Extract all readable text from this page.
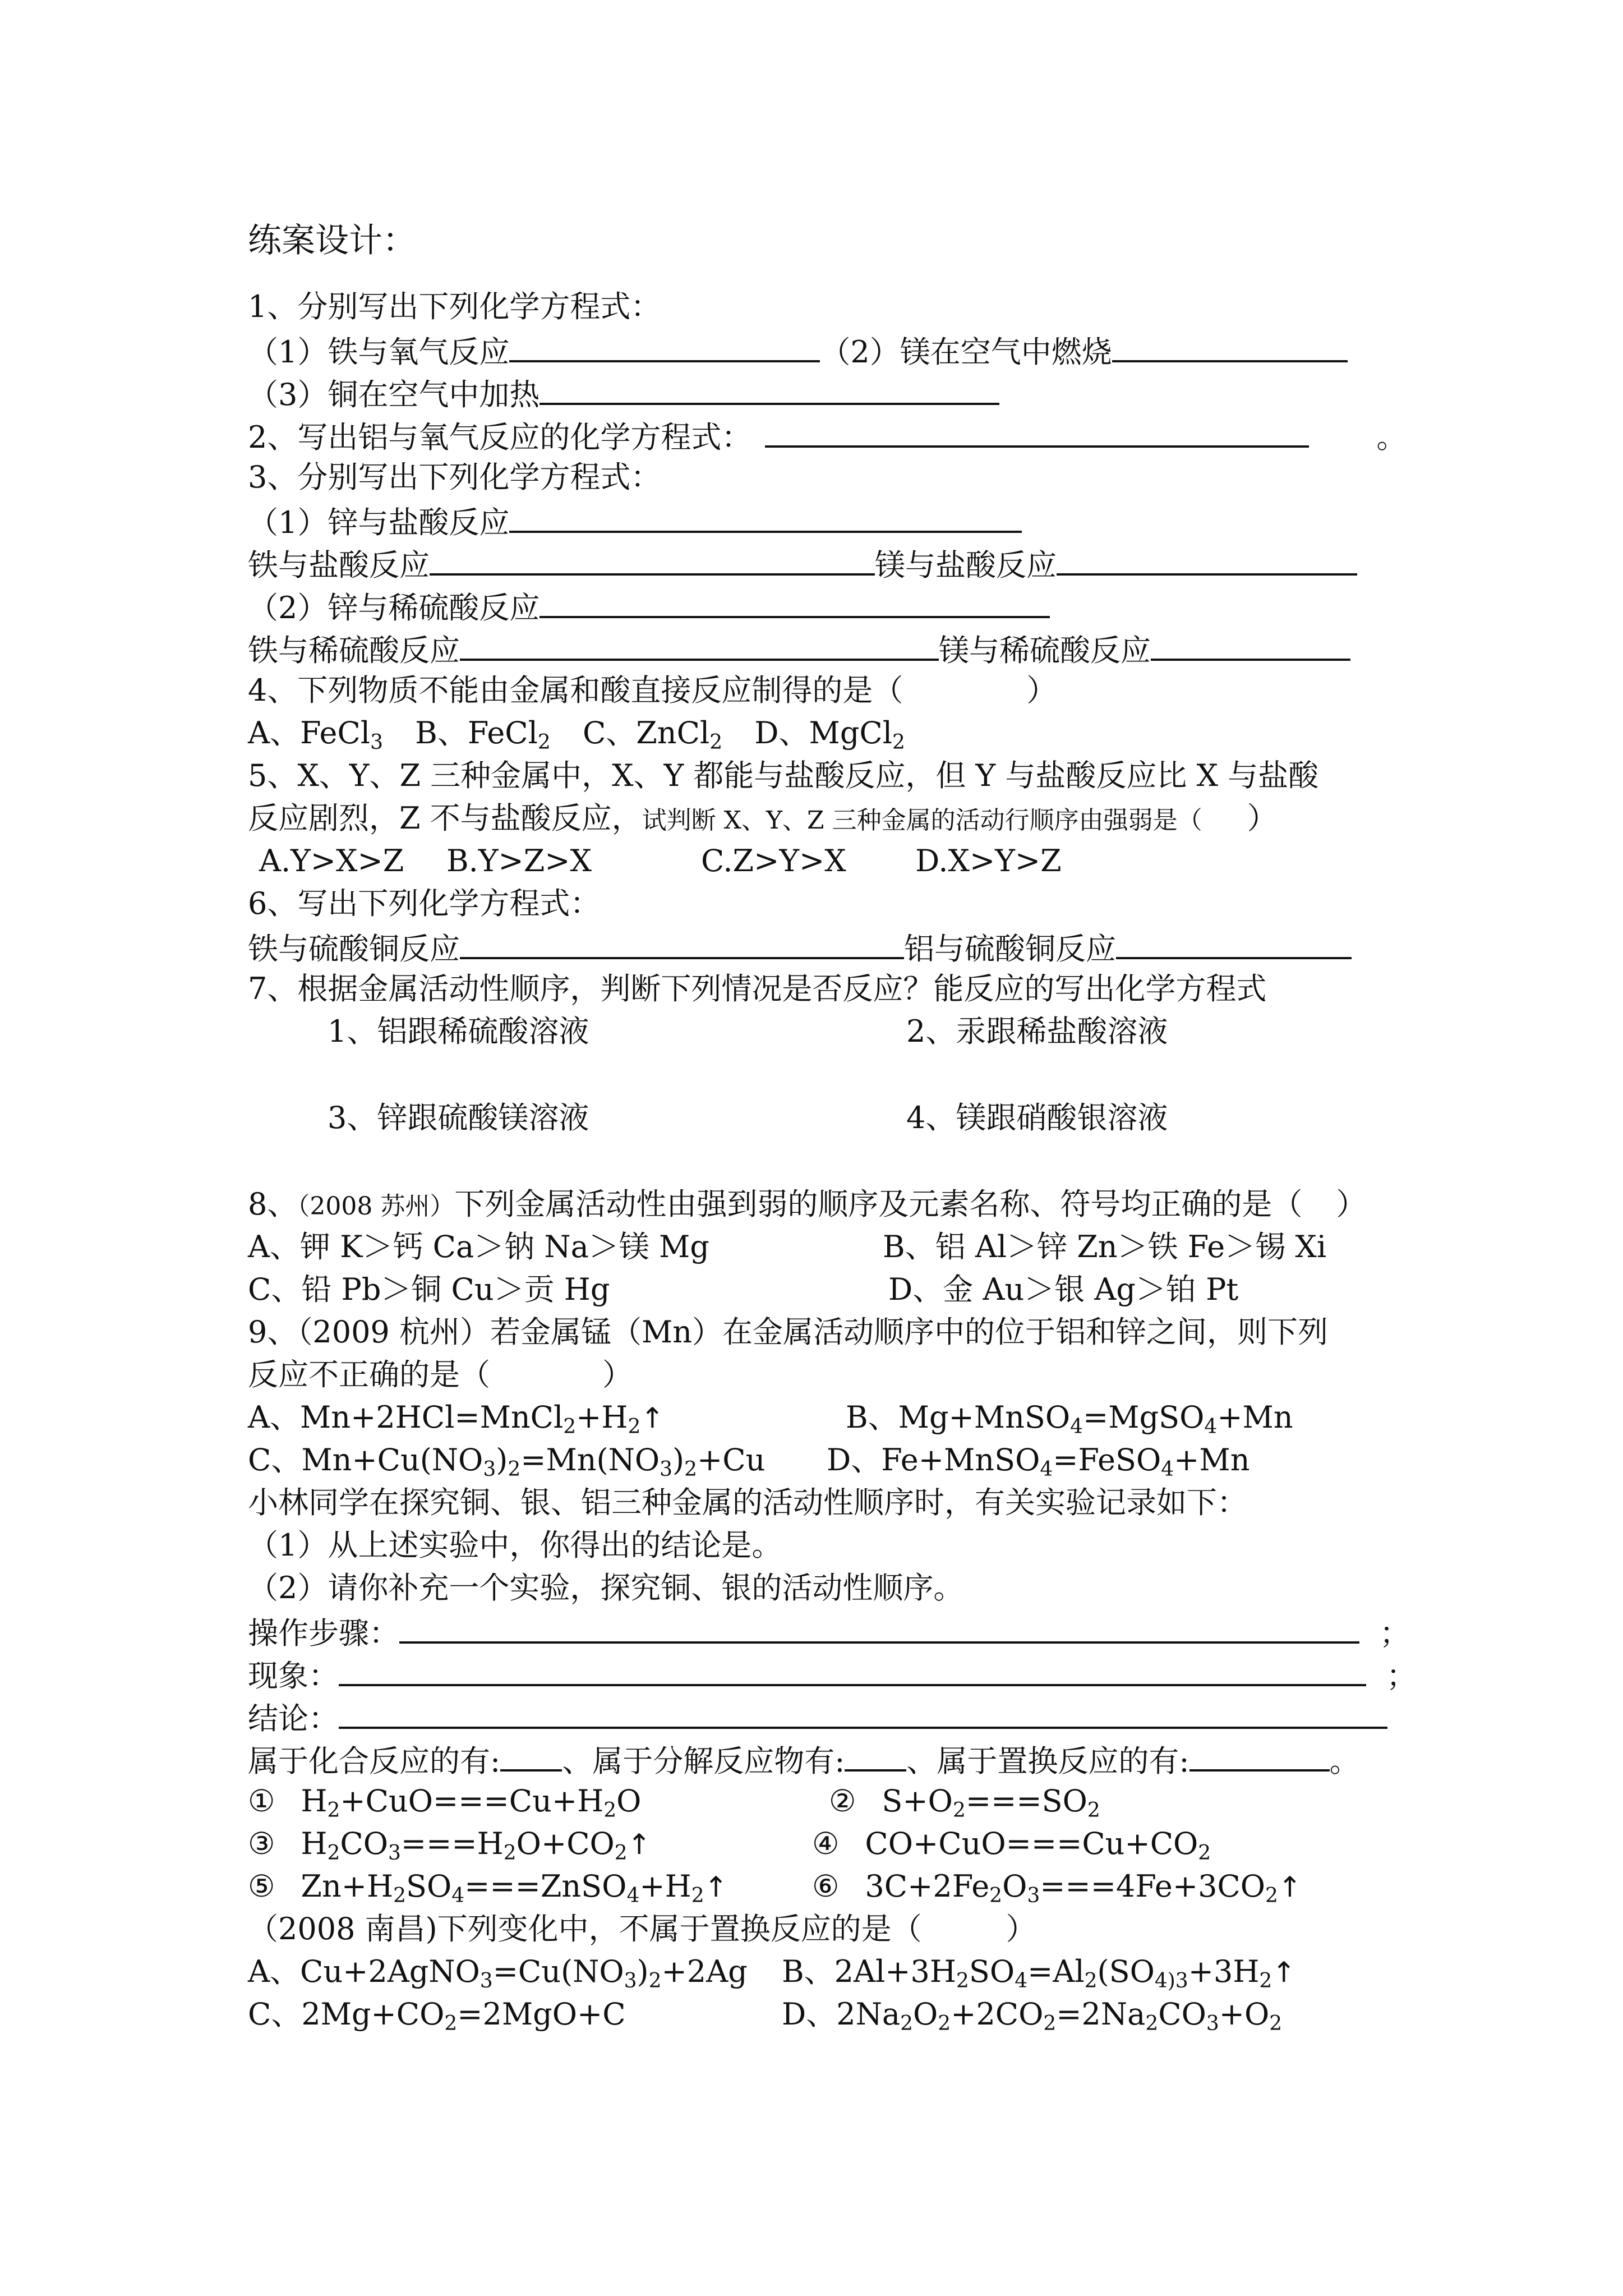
练案设计：
1、分别写出下列化学方程式：
（1）铁与氧气反应	（2）镁在空气中燃烧
（3）铜在空气中加热
2、写出铝与氧气反应的化学方程式：	。
3、分别写出下列化学方程式：
（1）锌与盐酸反应
铁与盐酸反应	镁与盐酸反应
（2）锌与稀硫酸反应
铁与稀硫酸反应	镁与稀硫酸反应
4、下列物质不能由金属和酸直接反应制得的是（	）
A、FeCl$_3$ B、FeCl$_2$ C、ZnCl$_2$ D、MgCl$_2$
5、X、Y、Z 三种金属中，X、Y 都能与盐酸反应，但 Y 与盐酸反应比 X 与盐酸
反应剧烈，Z 不与盐酸反应，试判断 X、Y、Z 三种金属的活动行顺序由强弱是（ ）
A.Y>X>Z B.Y>Z>X	C.Z>Y>X D.X>Y>Z
6、写出下列化学方程式：
铁与硫酸铜反应	铝与硫酸铜反应
7、根据金属活动性顺序，判断下列情况是否反应？能反应的写出化学方程式
1、铝跟稀硫酸溶液	2、汞跟稀盐酸溶液
3、锌跟硫酸镁溶液	4、镁跟硝酸银溶液
8、（2008 苏州）下列金属活动性由强到弱的顺序及元素名称、符号均正确的是（ ）
A、钾 K＞钙 Ca＞钠 Na＞镁 Mg	B、铝 Al＞锌 Zn＞铁 Fe＞锡 Xi
C、铅 Pb＞铜 Cu＞贡 Hg	D、金 Au＞银 Ag＞铂 Pt
9、（2009 杭州）若金属锰（Mn）在金属活动顺序中的位于铝和锌之间，则下列
反应不正确的是（	）
A、$Mn+2HCl=MnCl_2+H_2↑$	B、Mg+MnSO$_4$=MgSO$_4$+Mn
C、$Mn+Cu(NO_3)_2=Mn(NO_3)_2+Cu$ D、Fe+MnSO$_4$=FeSO$_4$+Mn
小林同学在探究铜、银、铝三种金属的活动性顺序时，有关实验记录如下：
（1）从上述实验中，你得出的结论是。
（2）请你补充一个实验，探究铜、银的活动性顺序。
操作步骤：	；
现象：	；
结论：
属于化合反应的有: 、属于分解反应物有: 、属于置换反应的有:	。
① $H_2+CuO===Cu+H_2O$	② $S+O_2===SO_2$
③ $H_2CO_3===H_2O+CO_2↑$	④ $CO+CuO===Cu+CO_2$
⑤ $Zn+H_2SO_4===ZnSO_4+H_2↑$	⑥ $3C+2Fe_2O_3===4Fe+3CO_2↑$
（2008 南昌)下列变化中，不属于置换反应的是（	）
A、$Cu+2AgNO_3=Cu(NO_3)_2+2Ag$ B、$2Al+3H_2SO_4=Al_2(SO_{4)3}+3H_2↑$
C、$2Mg+CO_2=2MgO+C$	D、$2Na_2O_2+2CO_2=2Na_2CO_3+O_2$
